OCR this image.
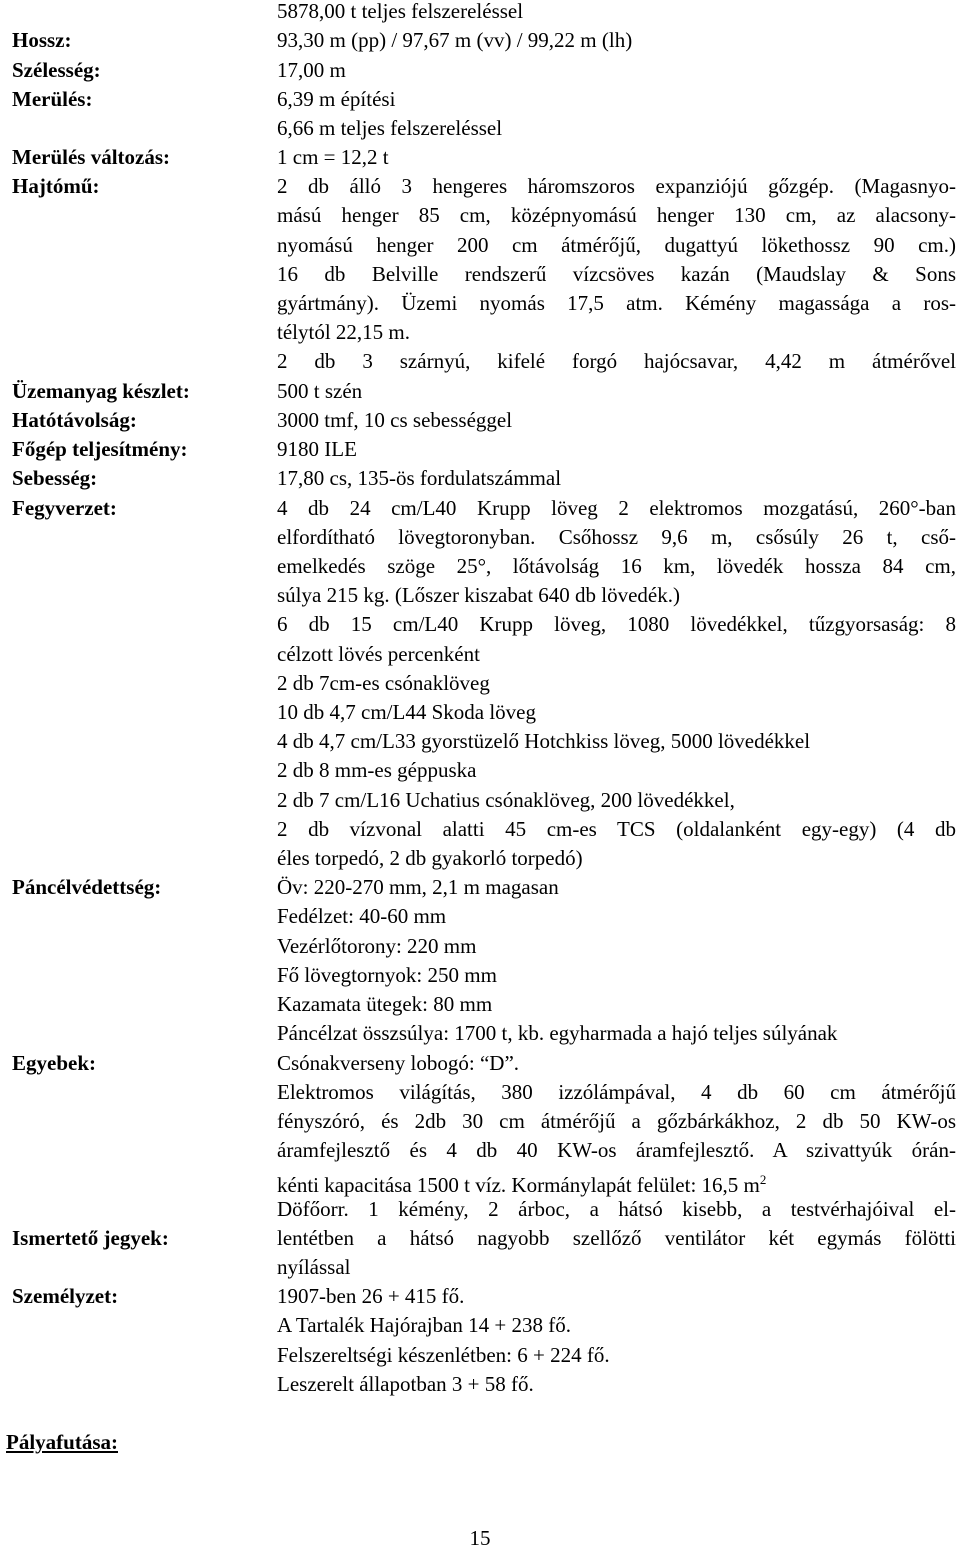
Hossz:
Szélesség:
Merülés:
Merülés változás:
Hajtómű:
Üzemanyag készlet:
Hatótávolság:
Főgép teljesítmény:
Sebesség:
Fegyverzet:
Páncélvédettség:
Egyebek:
Ismertető jegyek:
Személyzet:
5878,00 t teljes felszereléssel
93,30 m (pp) / 97,67 m (vv) / 99,22 m (lh)
17,00 m
6,39 m építési
6,66 m teljes felszereléssel
1 cm = 12,2 t
2 db álló 3 hengeres háromszoros expanziójú gőzgép. (Magasnyo-
mású henger 85 cm, középnyomású henger 130 cm, az alacsony-
nyomású henger 200 cm átmérőjű, dugattyú lökethossz 90 cm.)
16 db Belville rendszerű vízcsöves kazán (Maudslay & Sons
gyártmány). Üzemi nyomás 17,5 atm. Kémény magassága a ros-
télytól 22,15 m.
2 db 3 szárnyú, kifelé forgó hajócsavar, 4,42 m átmérővel
500 t szén
3000 tmf, 10 cs sebességgel
9180 ILE
17,80 cs, 135-ös fordulatszámmal
4 db 24 cm/L40 Krupp löveg 2 elektromos mozgatású, 260°-ban
elfordítható lövegtoronyban. Csőhossz 9,6 m, csősúly 26 t, cső-
emelkedés szöge 25°, lőtávolság 16 km, lövedék hossza 84 cm,
súlya 215 kg. (Lőszer kiszabat 640 db lövedék.)
6 db 15 cm/L40 Krupp löveg, 1080 lövedékkel, tűzgyorsaság: 8
célzott lövés percenként
2 db 7cm-es csónaklöveg
10 db 4,7 cm/L44 Skoda löveg
4 db 4,7 cm/L33 gyorstüzelő Hotchkiss löveg, 5000 lövedékkel
2 db 8 mm-es géppuska
2 db 7 cm/L16 Uchatius csónaklöveg, 200 lövedékkel,
2 db vízvonal alatti 45 cm-es TCS (oldalanként egy-egy) (4 db
éles torpedó, 2 db gyakorló torpedó)
Öv: 220-270 mm, 2,1 m magasan
Fedélzet: 40-60 mm
Vezérlőtorony: 220 mm
Fő lövegtornyok: 250 mm
Kazamata ütegek: 80 mm
Páncélzat összsúlya: 1700 t, kb. egyharmada a hajó teljes súlyának
Csónakverseny lobogó: “D”.
Elektromos világítás, 380 izzólámpával, 4 db 60 cm átmérőjű
fényszóró, és 2db 30 cm átmérőjű a gőzbárkákhoz, 2 db 50 KW-os
áramfejlesztő és 4 db 40 KW-os áramfejlesztő. A szivattyúk órán-
kénti kapacitása 1500 t víz. Kormánylapát felület: 16,5 $m^2$
Döfőorr. 1 kémény, 2 árboc, a hátsó kisebb, a testvérhajóival el-
lentétben a hátsó nagyobb szellőző ventilátor két egymás fölötti
nyílással
1907-ben 26 + 415 fő.
A Tartalék Hajórajban 14 + 238 fő.
Felszereltségi készenlétben: 6 + 224 fő.
Leszerelt állapotban 3 + 58 fő.
Pályafutása:
15
